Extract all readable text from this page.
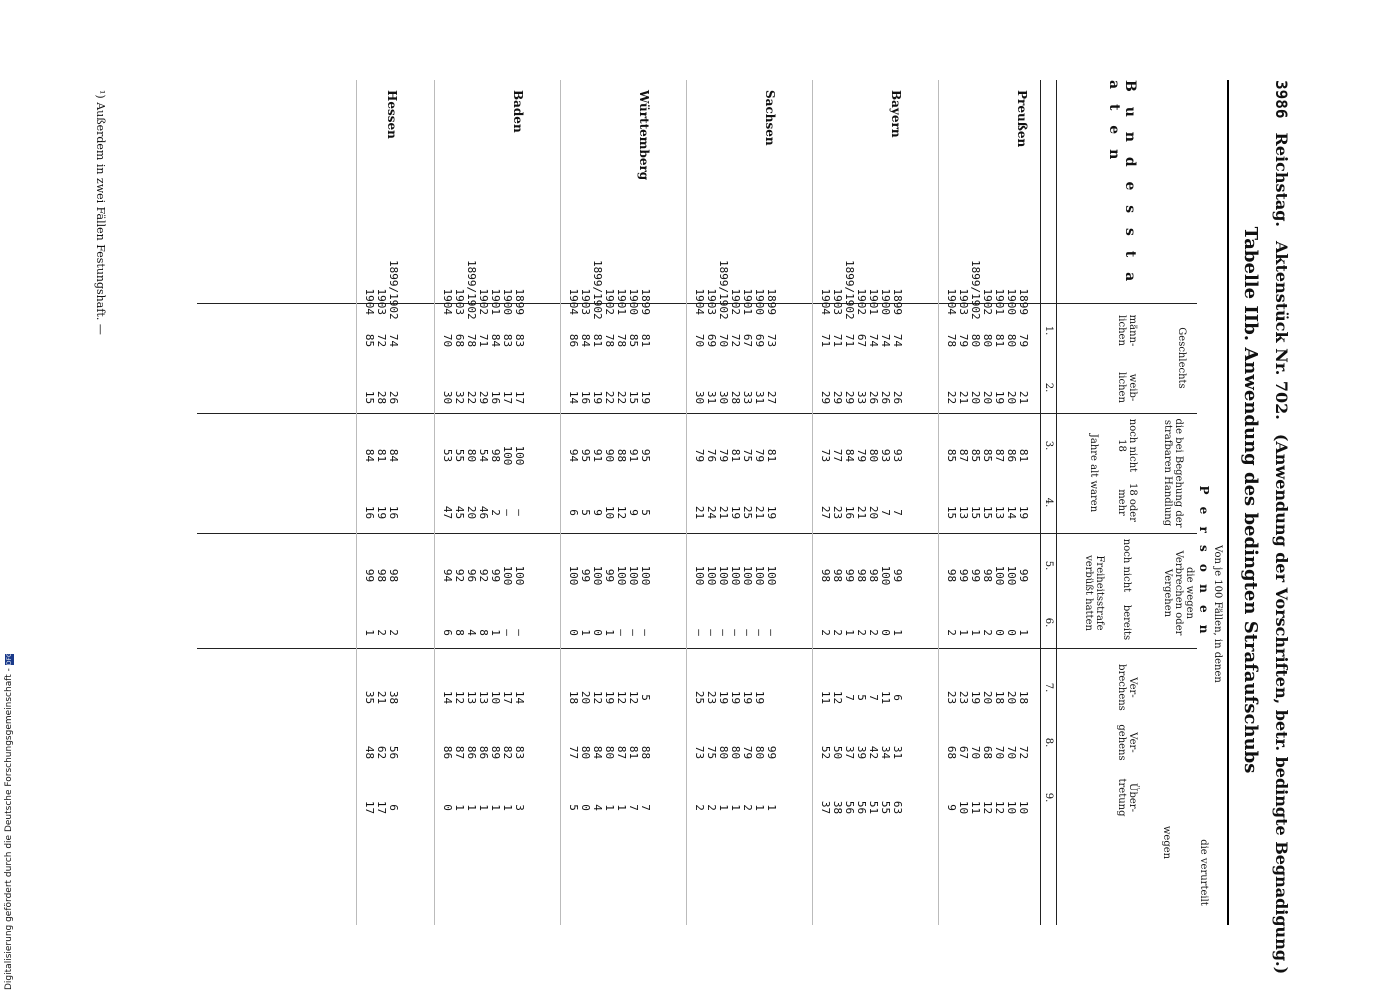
3986
Reichstag.
Aktenstück Nr. 702.
(Anwendung der Vorschriften, betr. bedingte Begnadigung.)
Tabelle IIb. Anwendung des bedingten Strafaufschubs
B u n d e s s t a a t e n
Von je 100 Fällen, in denen
die verurteilt
P e r s o n e n
wegen
Geschlechts
die bei Begehung der strafbaren Handlung
Jahre alt waren
die wegen Verbrechen oder Vergehen
Freiheitsstrafe verbüßt hatten
männ- lichen
1.
weib- lichen
2.
noch nicht 18
3.
18 oder mehr
4.
noch nicht
5.
bereits
6.
Ver- brechens
7.
Ver- gehens
8.
Über- tretung
9.
Preußen
1899
79
21
81
19
99
1
18
72
10
1900
80
20
86
14
100
0
20
70
10
1901
81
19
87
13
100
0
18
70
12
1902
80
20
85
15
98
2
20
68
12
1899/1902
80
20
85
15
99
1
19
70
11
1903
79
21
87
13
99
1
23
67
10
1904
78
22
85
15
98
2
23
68
9
Bayern
1899
74
26
93
7
99
1
6
31
63
1900
74
26
93
7
100
0
11
34
55
1901
74
26
80
20
98
2
7
42
51
1902
67
33
79
21
98
2
5
39
56
1899/1902
71
29
84
16
99
1
7
37
56
1903
71
29
77
23
98
2
12
50
38
1904
71
29
73
27
98
2
11
52
37
Sachsen
1899
73
27
81
19
100
—
99
1
1900
69
31
79
21
100
—
19
80
1
1901
67
33
75
25
100
—
19
79
2
1902
72
28
81
19
100
—
19
80
1
1899/1902
70
30
79
21
100
—
19
80
1
1903
69
31
76
24
100
—
23
75
2
1904
70
30
79
21
100
—
25
73
2
Württemberg
1899
81
19
95
5
100
—
5
88
7
1900
85
15
91
9
100
—
12
81
7
1901
78
22
88
12
100
—
12
87
1
1902
78
22
90
10
99
1
19
80
1
1899/1902
81
19
91
9
100
0
12
84
4
1903
84
16
95
5
99
1
20
80
0
1904
86
14
94
6
100
0
18
77
5
Baden
1899
83
17
100
—
100
—
14
83
3
1900
83
17
100
—
100
—
17
82
1
1901
84
16
98
2
99
1
10
89
1
1902
71
29
54
46
92
8
13
86
1
1899/1902
78
22
80
20
96
4
13
86
1
1903
68
32
55
45
92
8
12
87
1
1904
70
30
53
47
94
6
14
86
0
Hessen
1899/1902
74
26
84
16
98
2
38
56
6
1903
72
28
81
19
98
2
21
62
17
1904
85
15
84
16
99
1
35
48
17
¹) Außerdem in zwei Fällen Festungshaft. —
Digitalisierung gefördert durch die Deutsche Forschungsgemeinschaft -
DFG
